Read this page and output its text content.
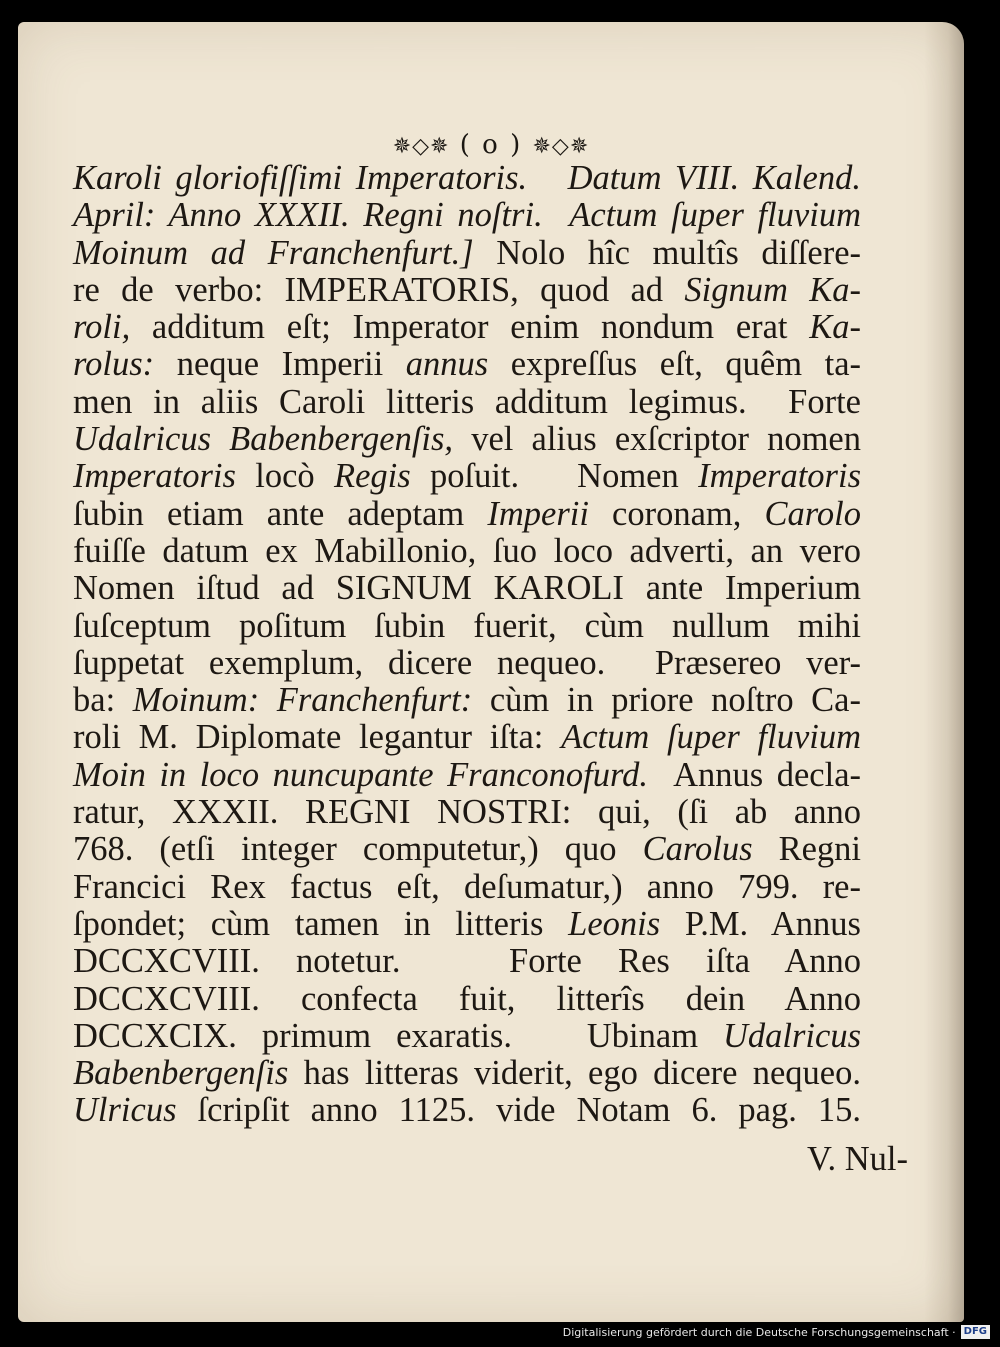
✵◇✵ ( o ) ✵◇✵
Karoli gloriofiſſimi Imperatoris.   Datum VIII. Kalend.
April: Anno XXXII. Regni noſtri.  Actum ſuper fluvium
Moinum ad Franchenfurt.] Nolo hîc multîs diſſere-
re de verbo: IMPERATORIS, quod ad Signum Ka-
roli, additum eſt; Imperator enim nondum erat Ka-
rolus: neque Imperii annus expreſſus eſt, quêm ta-
men in aliis Caroli litteris additum legimus.  Forte
Udalricus Babenbergenſis, vel alius exſcriptor nomen
Imperatoris locò Regis poſuit.   Nomen Imperatoris
ſubin etiam ante adeptam Imperii coronam, Carolo
fuiſſe datum ex Mabillonio, ſuo loco adverti, an vero
Nomen iſtud ad SIGNUM KAROLI ante Imperium
ſuſceptum poſitum ſubin fuerit, cùm nullum mihi
ſuppetat exemplum, dicere nequeo.  Præsereo ver-
ba: Moinum: Franchenfurt: cùm in priore noſtro Ca-
roli M. Diplomate legantur iſta: Actum ſuper fluvium
Moin in loco nuncupante Franconofurd.  Annus decla-
ratur, XXXII. REGNI NOSTRI: qui, (ſi ab anno
768. (etſi integer computetur,) quo Carolus Regni
Francici Rex factus eſt, deſumatur,) anno 799. re-
ſpondet; cùm tamen in litteris Leonis P.M. Annus
DCCXCVIII. notetur.   Forte Res iſta Anno
DCCXCVIII. confecta fuit, litterîs dein Anno
DCCXCIX. primum exaratis.   Ubinam Udalricus
Babenbergenſis has litteras viderit, ego dicere nequeo.
Ulricus ſcripſit anno 1125. vide Notam 6. pag. 15.
V. Nul-
Digitalisierung gefördert durch die Deutsche Forschungsgemeinschaft · DFG
